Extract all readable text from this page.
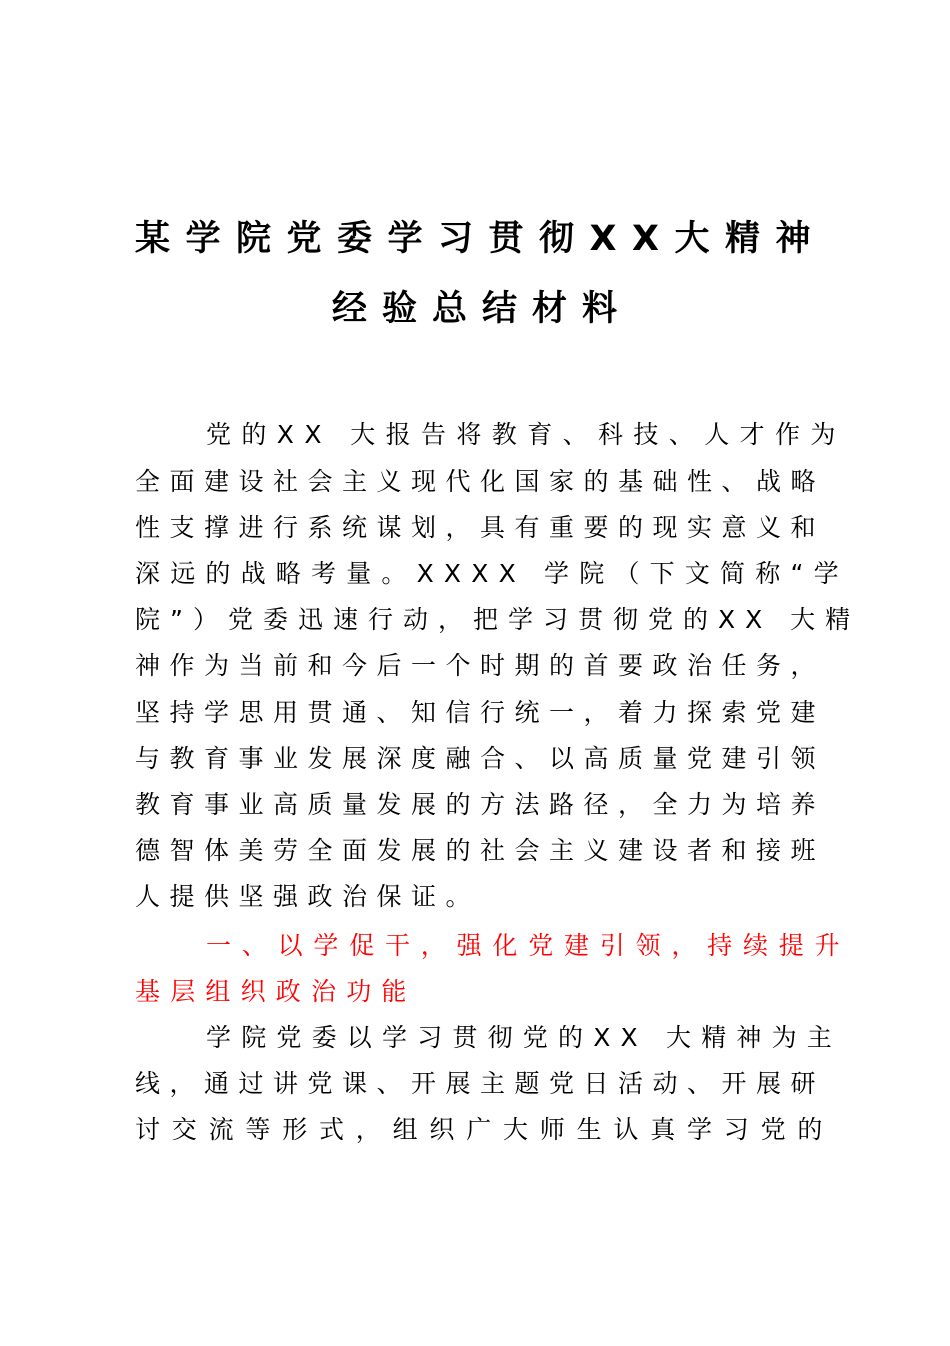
某学院党委学习贯彻XX大精神
经验总结材料
党的XX 大报告将教育、科技、人才作为
全面建设社会主义现代化国家的基础性、战略
性支撑进行系统谋划，具有重要的现实意义和
深远的战略考量。XXXX 学院（下文简称“学
院”）党委迅速行动，把学习贯彻党的XX 大精
神作为当前和今后一个时期的首要政治任务，
坚持学思用贯通、知信行统一，着力探索党建
与教育事业发展深度融合、以高质量党建引领
教育事业高质量发展的方法路径，全力为培养
德智体美劳全面发展的社会主义建设者和接班
人提供坚强政治保证。
一、以学促干，强化党建引领，持续提升
基层组织政治功能
学院党委以学习贯彻党的XX 大精神为主
线，通过讲党课、开展主题党日活动、开展研
讨交流等形式，组织广大师生认真学习党的
